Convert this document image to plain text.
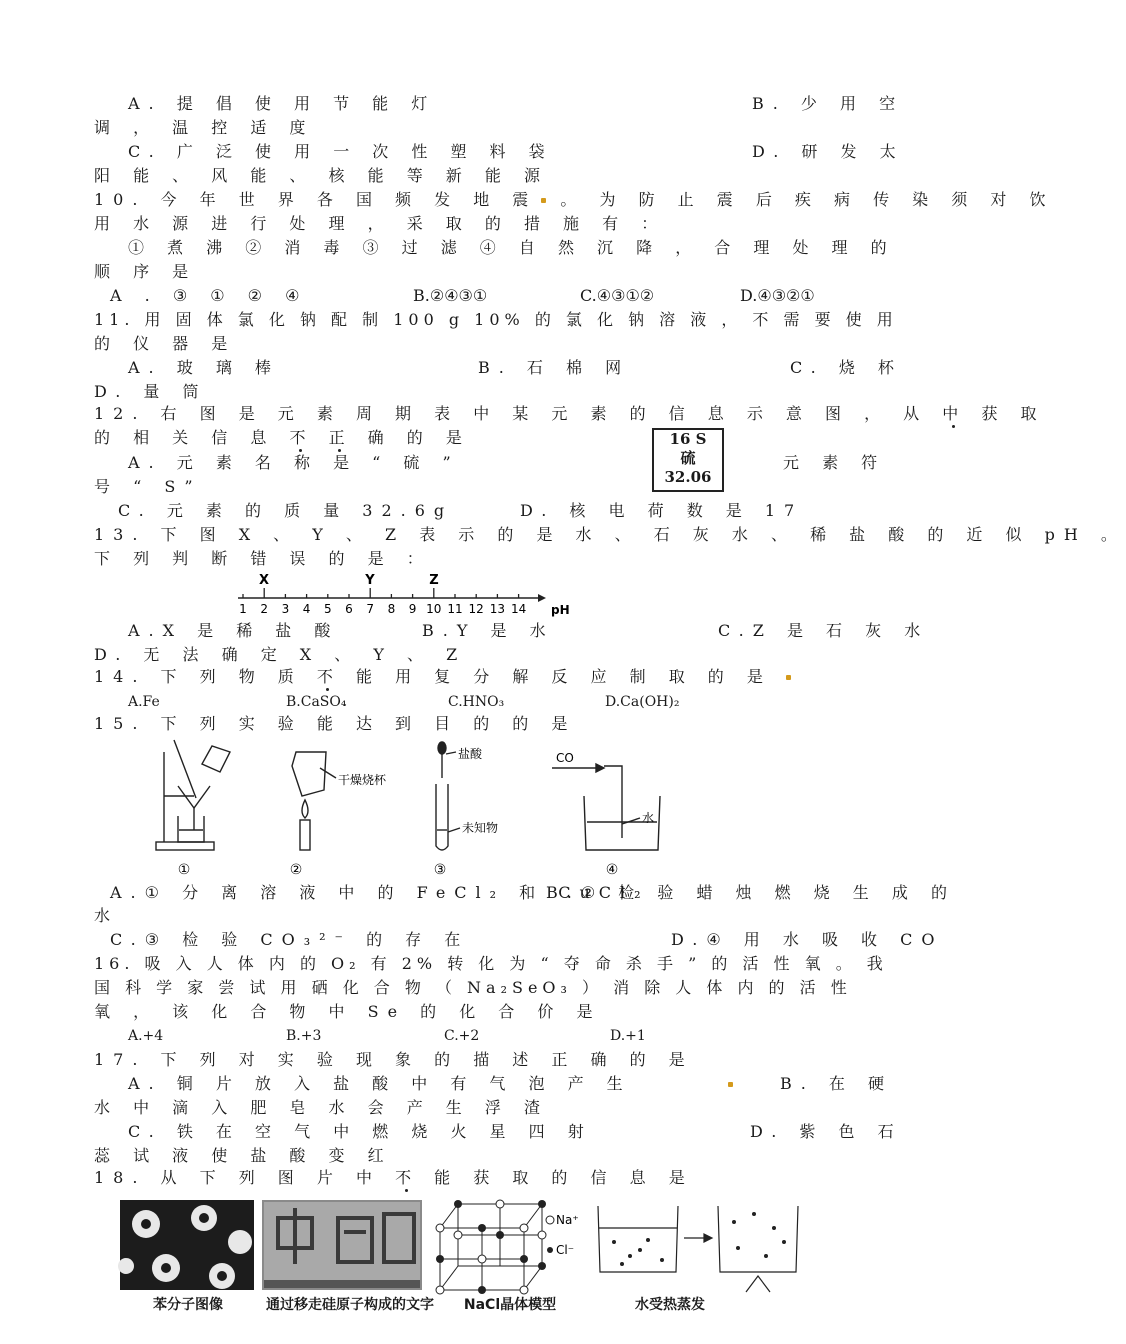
A. 提 倡 使 用 节 能 灯	B. 少 用 空
调 ， 温 控 适 度
C. 广 泛 使 用 一 次 性 塑 料 袋	D. 研 发 太
阳 能 、 风 能 、 核 能 等 新 能 源
10. 今 年 世 界 各 国 频 发 地 震 。 为 防 止 震 后 疾 病 传 染 须 对 饮
用 水 源 进 行 处 理 ， 采 取 的 措 施 有 ：
① 煮 沸 ② 消 毒 ③ 过 滤 ④ 自 然 沉 降 ， 合 理 处 理 的
顺 序 是
A . ③ ① ② ④	B.②④③①	C.④③①②	D.④③②①
11. 用 固 体 氯 化 钠 配 制 100 g 10% 的 氯 化 钠 溶 液 ， 不 需 要 使 用
的 仪 器 是
A. 玻 璃 棒	B. 石 棉 网	C. 烧 杯
D. 量 筒
12. 右 图 是 元 素 周 期 表 中 某 元 素 的 信 息 示 意 图 ， 从 中 获 取
的 相 关 信 息 不 正 确 的 是	16 S
硫
32.06
A. 元 素 名 称 是 “ 硫 ”	元 素 符
号 “ S”
C. 元 素 的 质 量 32.6g	D. 核 电 荷 数 是 17
13. 下 图 X 、 Y 、 Z 表 示 的 是 水 、 石 灰 水 、 稀 盐 酸 的 近 似 pH 。
下 列 判 断 错 误 的 是 ：
1 2 3 4 5 6 7 8 9 10 11 12 13 14
X	Y	Z
pH
A.X 是 稀 盐 酸	B.Y 是 水	C.Z 是 石 灰 水
D. 无 法 确 定 X 、 Y 、 Z
14. 下 列 物 质 不 能 用 复 分 解 反 应 制 取 的 是
A.Fe	B.CaSO₄	C.HNO₃	D.Ca(OH)₂
15. 下 列 实 验 能 达 到 目 的 的 是
①
干燥烧杯
②
盐酸
未知物
③
CO
水
④
A.① 分 离 溶 液 中 的 FeCl₂ 和 CuCl₂
B.② 检 验 蜡 烛 燃 烧 生 成 的
水
C.③ 检 验 CO₃²⁻ 的 存 在	D.④ 用 水 吸 收 CO
16. 吸 入 人 体 内 的 O₂ 有 2% 转 化 为 “ 夺 命 杀 手 ” 的 活 性 氧 。 我
国 科 学 家 尝 试 用 硒 化 合 物 （ Na₂SeO₃ ） 消 除 人 体 内 的 活 性
氧 ， 该 化 合 物 中 Se 的 化 合 价 是
A.+4	B.+3	C.+2	D.+1
17. 下 列 对 实 验 现 象 的 描 述 正 确 的 是
A. 铜 片 放 入 盐 酸 中 有 气 泡 产 生	B. 在 硬
水 中 滴 入 肥 皂 水 会 产 生 浮 渣
C. 铁 在 空 气 中 燃 烧 火 星 四 射	D. 紫 色 石
蕊 试 液 使 盐 酸 变 红
18. 从 下 列 图 片 中 不 能 获 取 的 信 息 是
Na⁺
Cl⁻
苯分子图像	通过移走硅原子构成的文字	NaCl晶体模型	水受热蒸发
